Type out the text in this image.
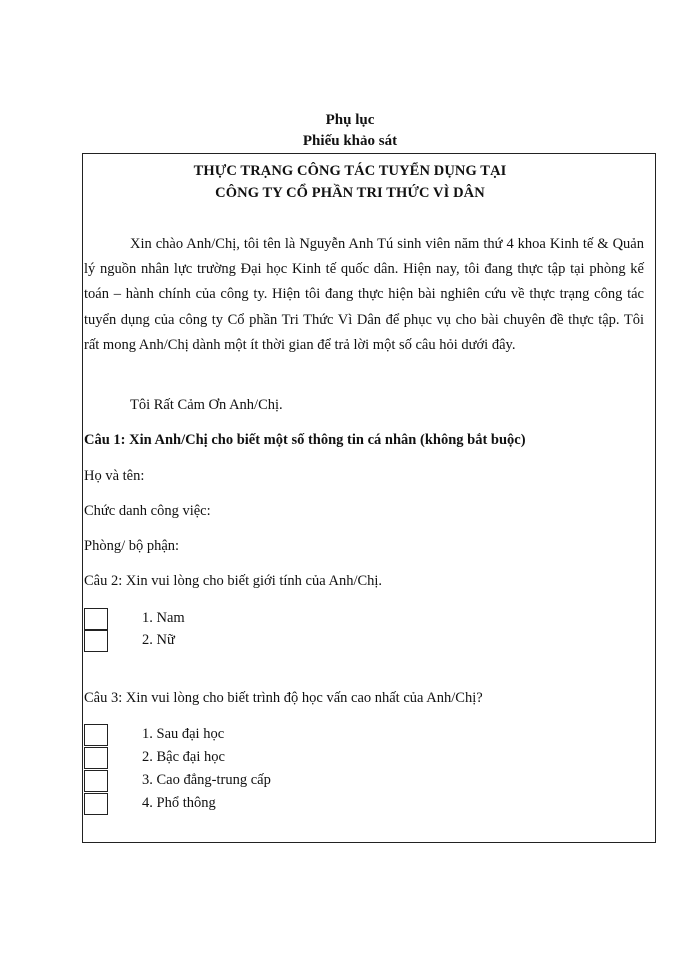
Phụ lục
Phiếu khảo sát
THỰC TRẠNG CÔNG TÁC TUYỂN DỤNG TẠI
CÔNG TY CỔ PHẦN TRI THỨC VÌ DÂN

Xin chào Anh/Chị, tôi tên là Nguyễn Anh Tú sinh viên năm thứ 4 khoa Kinh tế & Quản lý nguồn nhân lực trường Đại học Kinh tế quốc dân. Hiện nay, tôi đang thực tập tại phòng kế toán – hành chính của công ty. Hiện tôi đang thực hiện bài nghiên cứu về thực trạng công tác tuyển dụng của công ty Cổ phần Tri Thức Vì Dân để phục vụ cho bài chuyên đề thực tập. Tôi rất mong Anh/Chị dành một ít thời gian để trả lời một số câu hỏi dưới đây.

Tôi Rất Cảm Ơn Anh/Chị.
Câu 1: Xin Anh/Chị cho biết một số thông tin cá nhân (không bắt buộc)
Họ và tên:
Chức danh công việc:
Phòng/ bộ phận:
Câu 2: Xin vui lòng cho biết giới tính của Anh/Chị.
1. Nam
2. Nữ
Câu 3: Xin vui lòng cho biết trình độ học vấn cao nhất của Anh/Chị?
1. Sau đại học
2. Bậc đại học
3. Cao đẳng-trung cấp
4. Phổ thông
